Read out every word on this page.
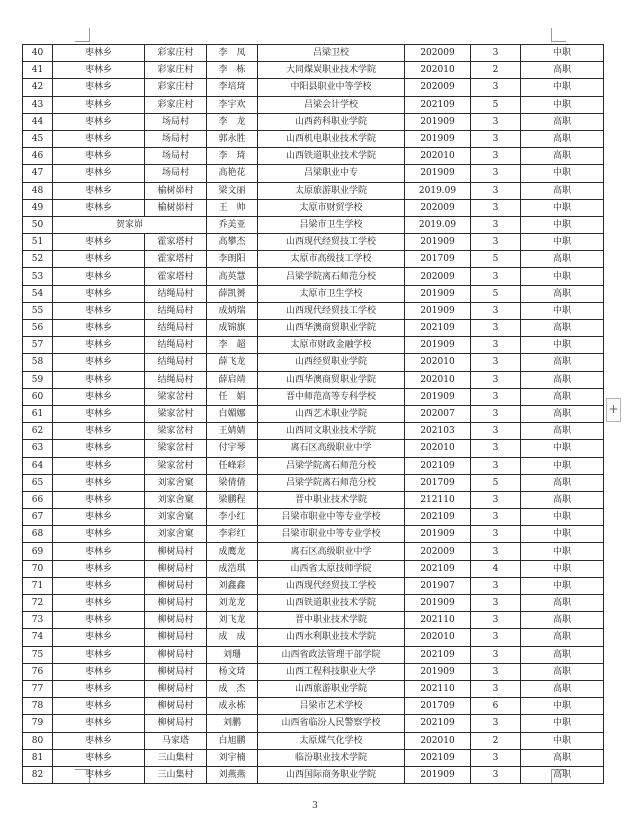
40	枣林乡	彩家庄村	李　凤	吕梁卫校	202009	3	中职
41	枣林乡	彩家庄村	李　栋	大同煤炭职业技术学院	202010	2	高职
42	枣林乡	彩家庄村	李培琦	中阳县职业中等学校	202009	3	中职
43	枣林乡	彩家庄村	李宇欢	吕梁会计学校	202109	5	中职
44	枣林乡	场局村	李　龙	山西药科职业学院	201909	3	高职
45	枣林乡	场局村	郭永胜	山西机电职业技术学院	201909	3	高职
46	枣林乡	场局村	李　琦	山西铁道职业技术学院	202010	3	高职
47	枣林乡	场局村	高艳花	吕梁职业中专	201909	3	中职
48	枣林乡	榆树峁村	梁文丽	太原旅游职业学院	2019.09	3	高职
49	枣林乡	榆树峁村	王　帅	太原市财贸学校	202009	3	中职
50	贺家峁		乔美亚	吕梁市卫生学校	2019.09	3	中职
51	枣林乡	霍家塔村	高攀杰	山西现代经贸技工学校	201909	3	中职
52	枣林乡	霍家塔村	李朗阳	太原市高级技工学校	201709	5	高职
53	枣林乡	霍家塔村	高英慧	吕梁学院离石师范分校	202009	3	中职
54	枣林乡	结绳局村	薛凯赟	太原市卫生学校	201909	5	高职
55	枣林乡	结绳局村	成炳瑞	山西现代经贸技工学校	201909	3	中职
56	枣林乡	结绳局村	成锦旗	山西华澳商贸职业学院	202109	3	高职
57	枣林乡	结绳局村	李　超	太原市财政金融学校	201909	3	中职
58	枣林乡	结绳局村	薛飞龙	山西经贸职业学院	202010	3	高职
59	枣林乡	结绳局村	薛启靖	山西华澳商贸职业学院	202010	3	高职
60	枣林乡	梁家岔村	任　娟	晋中师范高等专科学校	201909	3	高职
61	枣林乡	梁家岔村	白媚娜	山西艺术职业学院	202007	3	高职
62	枣林乡	梁家岔村	王婧婧	山西同文职业技术学院	202103	3	高职
63	枣林乡	梁家岔村	付宇琴	离石区高级职业中学	202010	3	中职
64	枣林乡	梁家岔村	任峰彩	吕梁学院离石师范分校	202109	3	中职
65	枣林乡	刘家舍窠	梁倩倩	吕梁学院离石师范分校	201709	5	高职
66	枣林乡	刘家舍窠	梁鹏程	晋中职业技术学院	212110	3	高职
67	枣林乡	刘家舍窠	李小红	吕梁市职业中等专业学校	202109	3	中职
68	枣林乡	刘家舍窠	李彩红	吕梁市职业中等专业学校	201909	3	中职
69	枣林乡	柳树局村	成鹰龙	离石区高级职业中学	202009	3	中职
70	枣林乡	柳树局村	成浩琪	山西省太原技师学院	202109	4	中职
71	枣林乡	柳树局村	刘鑫鑫	山西现代经贸技工学校	201907	3	中职
72	枣林乡	柳树局村	刘龙龙	山西铁道职业技术学院	201909	3	高职
73	枣林乡	柳树局村	刘飞龙	晋中职业技术学院	202110	3	高职
74	枣林乡	柳树局村	成　成	山西水利职业技术学院	202010	3	高职
75	枣林乡	柳树局村	刘珊	山西省政法管理干部学院	202109	3	高职
76	枣林乡	柳树局村	杨文琦	山西工程科技职业大学	201909	3	高职
77	枣林乡	柳树局村	成　杰	山西旅游职业学院	202110	3	高职
78	枣林乡	柳树局村	成永栋	吕梁市艺术学校	201709	6	中职
79	枣林乡	柳树局村	刘鹏	山西省临汾人民警察学校	202109	3	中职
80	枣林乡	马家塔	白旭鹏	太原煤气化学校	202010	2	中职
81	枣林乡	三山集村	刘宇楠	临汾职业技术学院	202109	3	高职
82	枣林乡	三山集村	刘燕燕	山西国际商务职业学院	201909	3	高职
+
3
